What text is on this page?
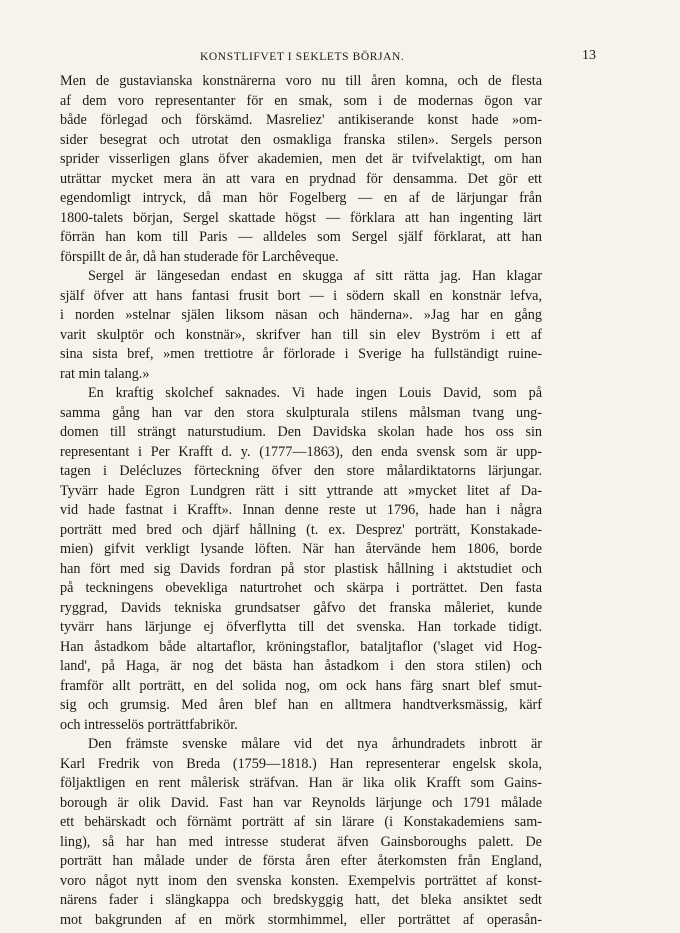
KONSTLIFVET I SEKLETS BÖRJAN.	13
Men de gustavianska konstnärerna voro nu till åren komna, och de flesta
af dem voro representanter för en smak, som i de modernas ögon var
både förlegad och förskämd. Masreliez' antikiserande konst hade »om-
sider besegrat och utrotat den osmakliga franska stilen». Sergels person
sprider visserligen glans öfver akademien, men det är tvifvelaktigt, om han
uträttar mycket mera än att vara en prydnad för densamma. Det gör ett
egendomligt intryck, då man hör Fogelberg — en af de lärjungar från
1800-talets början, Sergel skattade högst — förklara att han ingenting lärt
förrän han kom till Paris — alldeles som Sergel själf förklarat, att han
förspillt de år, då han studerade för Larchêveque.
Sergel är längesedan endast en skugga af sitt rätta jag. Han klagar
själf öfver att hans fantasi frusit bort — i södern skall en konstnär lefva,
i norden »stelnar själen liksom näsan och händerna». »Jag har en gång
varit skulptör och konstnär», skrifver han till sin elev Byström i ett af
sina sista bref, »men trettiotre år förlorade i Sverige ha fullständigt ruine-
rat min talang.»
En kraftig skolchef saknades. Vi hade ingen Louis David, som på
samma gång han var den stora skulpturala stilens målsman tvang ung-
domen till strängt naturstudium. Den Davidska skolan hade hos oss sin
representant i Per Krafft d. y. (1777—1863), den enda svensk som är upp-
tagen i Delécluzes förteckning öfver den store målardiktatorns lärjungar.
Tyvärr hade Egron Lundgren rätt i sitt yttrande att »mycket litet af Da-
vid hade fastnat i Krafft». Innan denne reste ut 1796, hade han i några
porträtt med bred och djärf hållning (t. ex. Desprez' porträtt, Konstakade-
mien) gifvit verkligt lysande löften. När han återvände hem 1806, borde
han fört med sig Davids fordran på stor plastisk hållning i aktstudiet och
på teckningens obevekliga naturtrohet och skärpa i porträttet. Den fasta
ryggrad, Davids tekniska grundsatser gåfvo det franska måleriet, kunde
tyvärr hans lärjunge ej öfverflytta till det svenska. Han torkade tidigt.
Han åstadkom både altartaflor, kröningstaflor, bataljtaflor ('slaget vid Hog-
land', på Haga, är nog det bästa han åstadkom i den stora stilen) och
framför allt porträtt, en del solida nog, om ock hans färg snart blef smut-
sig och grumsig. Med åren blef han en alltmera handtverksmässig, kärf
och intresselös porträttfabrikör.
Den främste svenske målare vid det nya århundradets inbrott är
Karl Fredrik von Breda (1759—1818.) Han representerar engelsk skola,
följaktligen en rent målerisk sträfvan. Han är lika olik Krafft som Gains-
borough är olik David. Fast han var Reynolds lärjunge och 1791 målade
ett behärskadt och förnämt porträtt af sin lärare (i Konstakademiens sam-
ling), så har han med intresse studerat äfven Gainsboroughs palett. De
porträtt han målade under de första åren efter återkomsten från England,
voro något nytt inom den svenska konsten. Exempelvis porträttet af konst-
närens fader i slängkappa och bredskyggig hatt, det bleka ansiktet sedt
mot bakgrunden af en mörk stormhimmel, eller porträttet af operasån-
